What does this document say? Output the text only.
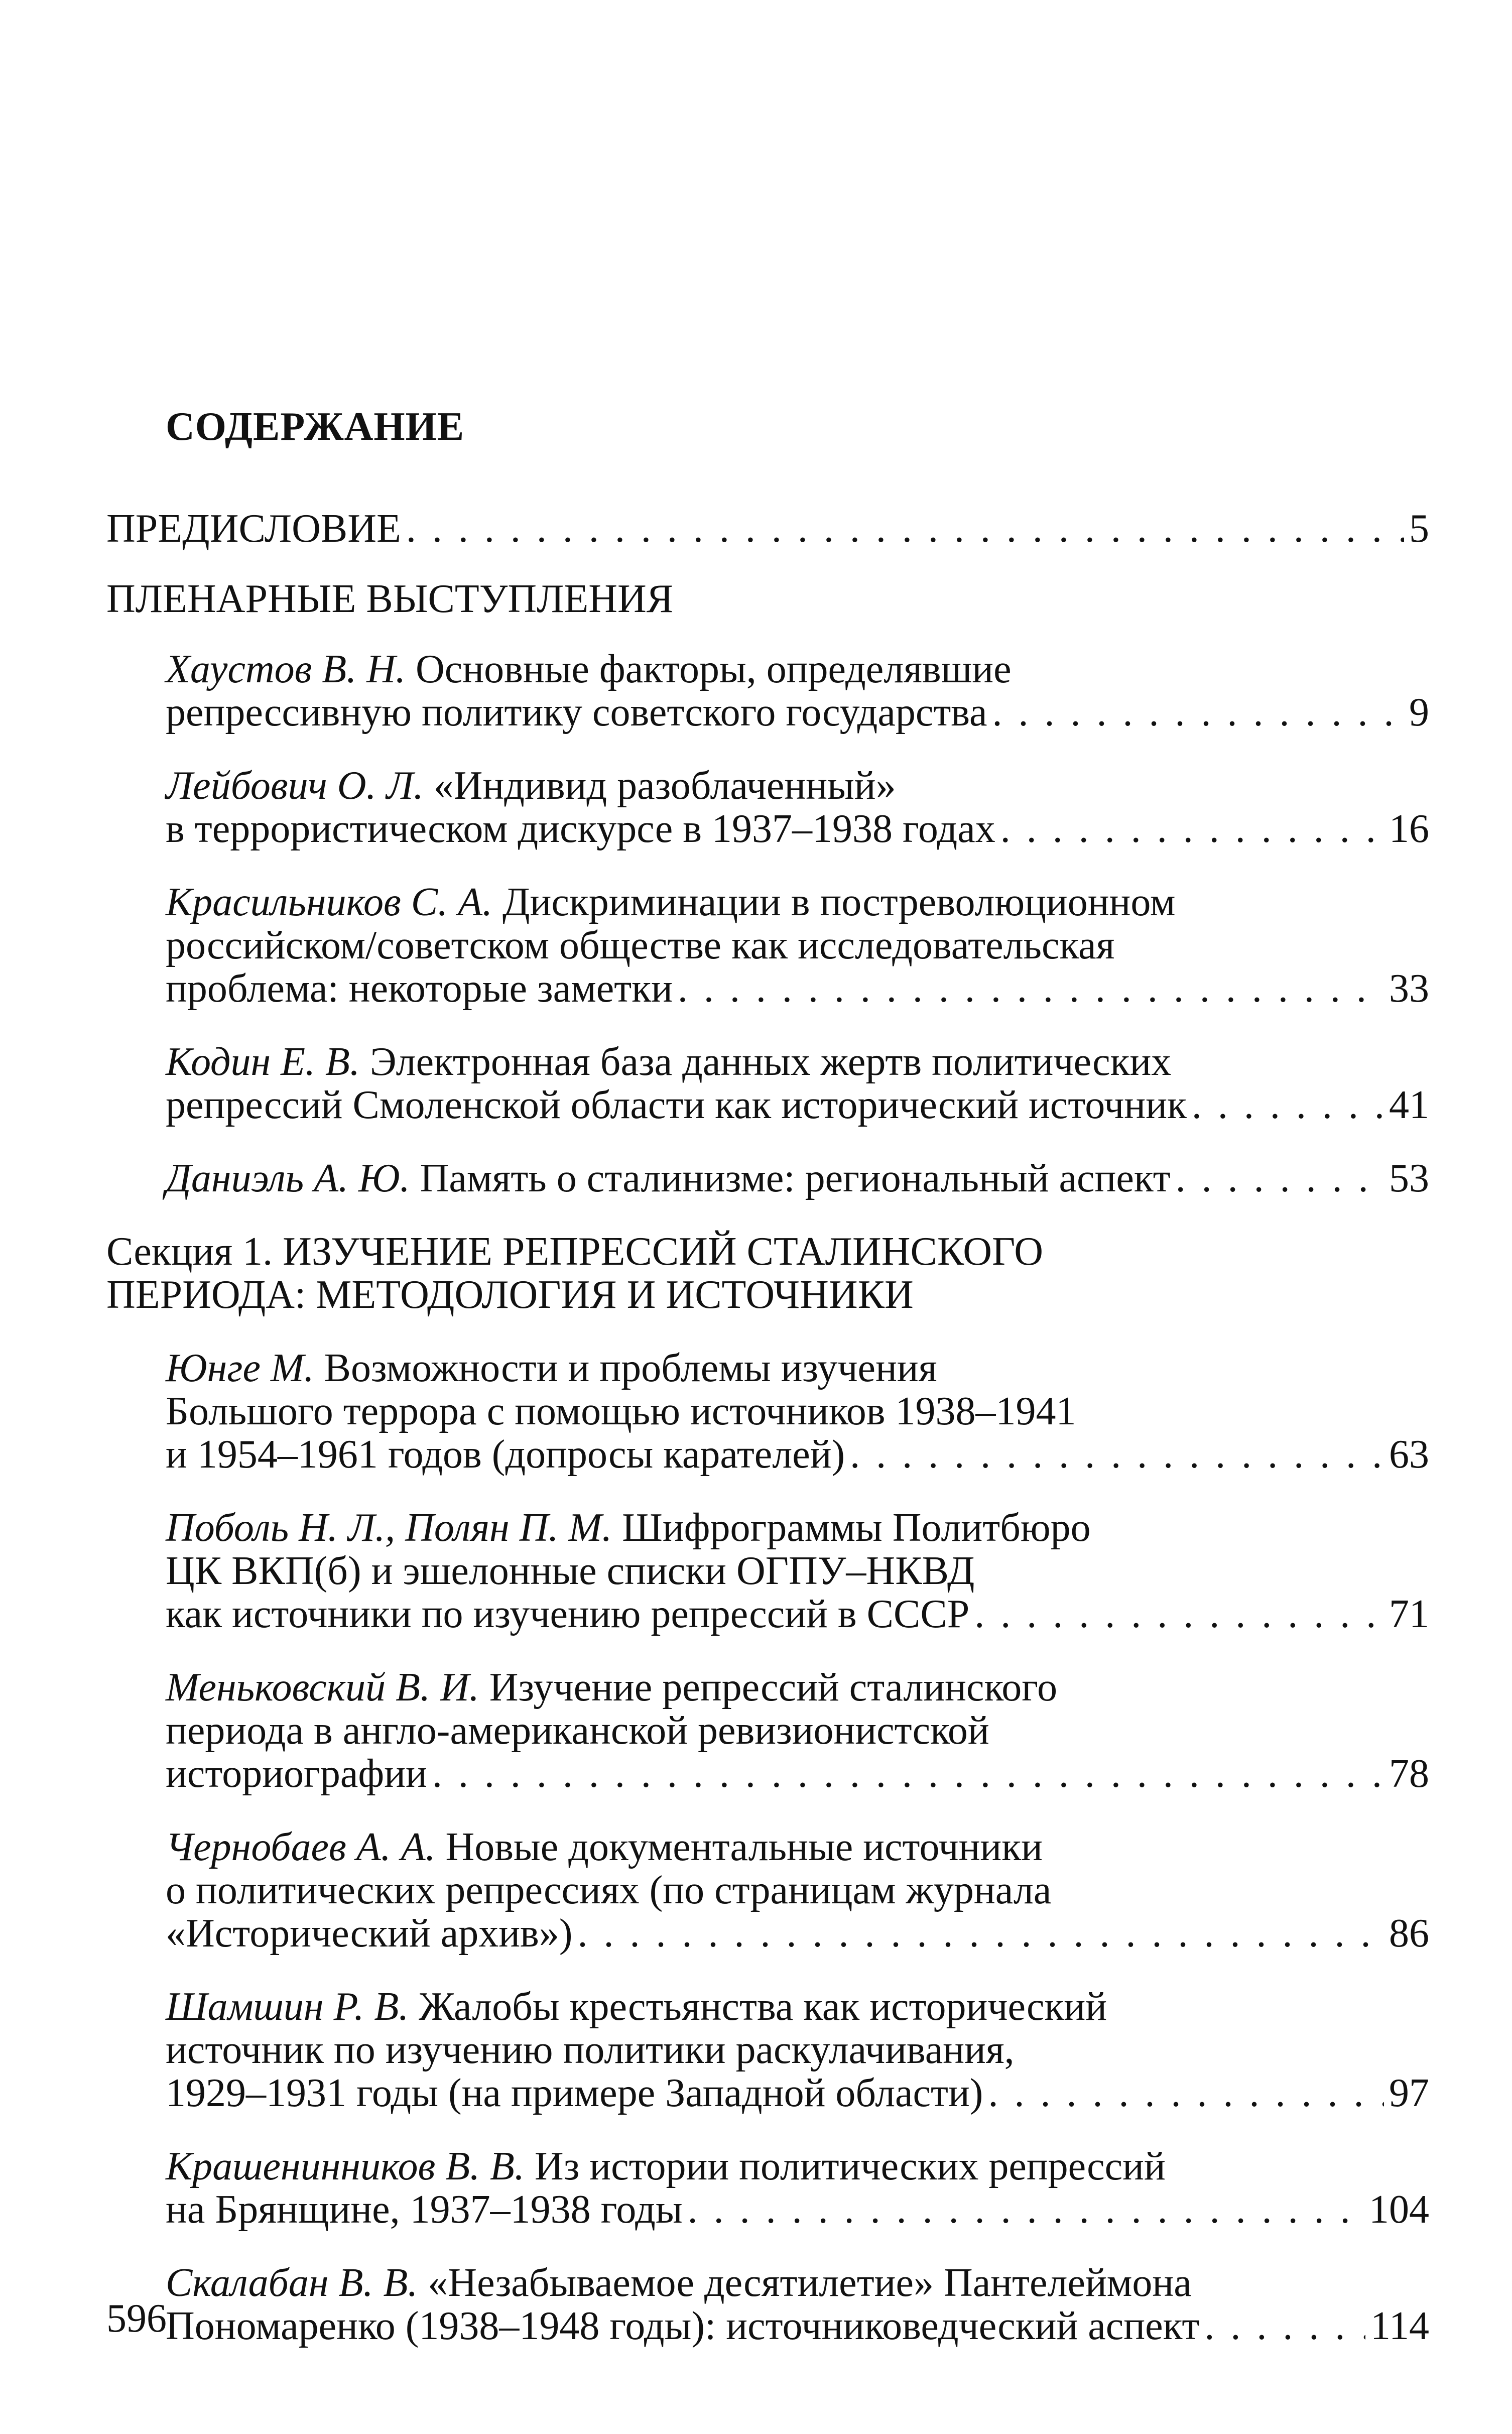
СОДЕРЖАНИЕ
ПРЕДИСЛОВИЕ . . .	5
ПЛЕНАРНЫЕ ВЫСТУПЛЕНИЯ
Хаустов В. Н. Основные факторы, определявшие
репрессивную политику советского государства . . .	9
Лейбович О. Л. «Индивид разоблаченный»
в террористическом дискурсе в 1937–1938 годах . . .	16
Красильников С. А. Дискриминации в постреволюционном
российском/советском обществе как исследовательская
проблема: некоторые заметки . . .	33
Кодин Е. В. Электронная база данных жертв политических
репрессий Смоленской области как исторический источник . . .	41
Даниэль А. Ю. Память о сталинизме: региональный аспект . . .	53
Секция 1. ИЗУЧЕНИЕ РЕПРЕССИЙ СТАЛИНСКОГО
ПЕРИОДА: МЕТОДОЛОГИЯ И ИСТОЧНИКИ
Юнге М. Возможности и проблемы изучения
Большого террора с помощью источников 1938–1941
и 1954–1961 годов (допросы карателей) . . .	63
Поболь Н. Л., Полян П. М. Шифрограммы Политбюро
ЦК ВКП(б) и эшелонные списки ОГПУ–НКВД
как источники по изучению репрессий в СССР . . .	71
Меньковский В. И. Изучение репрессий сталинского
периода в англо-американской ревизионистской
историографии . . .	78
Чернобаев А. А. Новые документальные источники
о политических репрессиях (по страницам журнала
«Исторический архив») . . .	86
Шамшин Р. В. Жалобы крестьянства как исторический
источник по изучению политики раскулачивания,
1929–1931 годы (на примере Западной области) . . .	97
Крашенинников В. В. Из истории политических репрессий
на Брянщине, 1937–1938 годы . . .	104
Скалабан В. В. «Незабываемое десятилетие» Пантелеймона
Пономаренко (1938–1948 годы): источниковедческий аспект . . .	114
596
